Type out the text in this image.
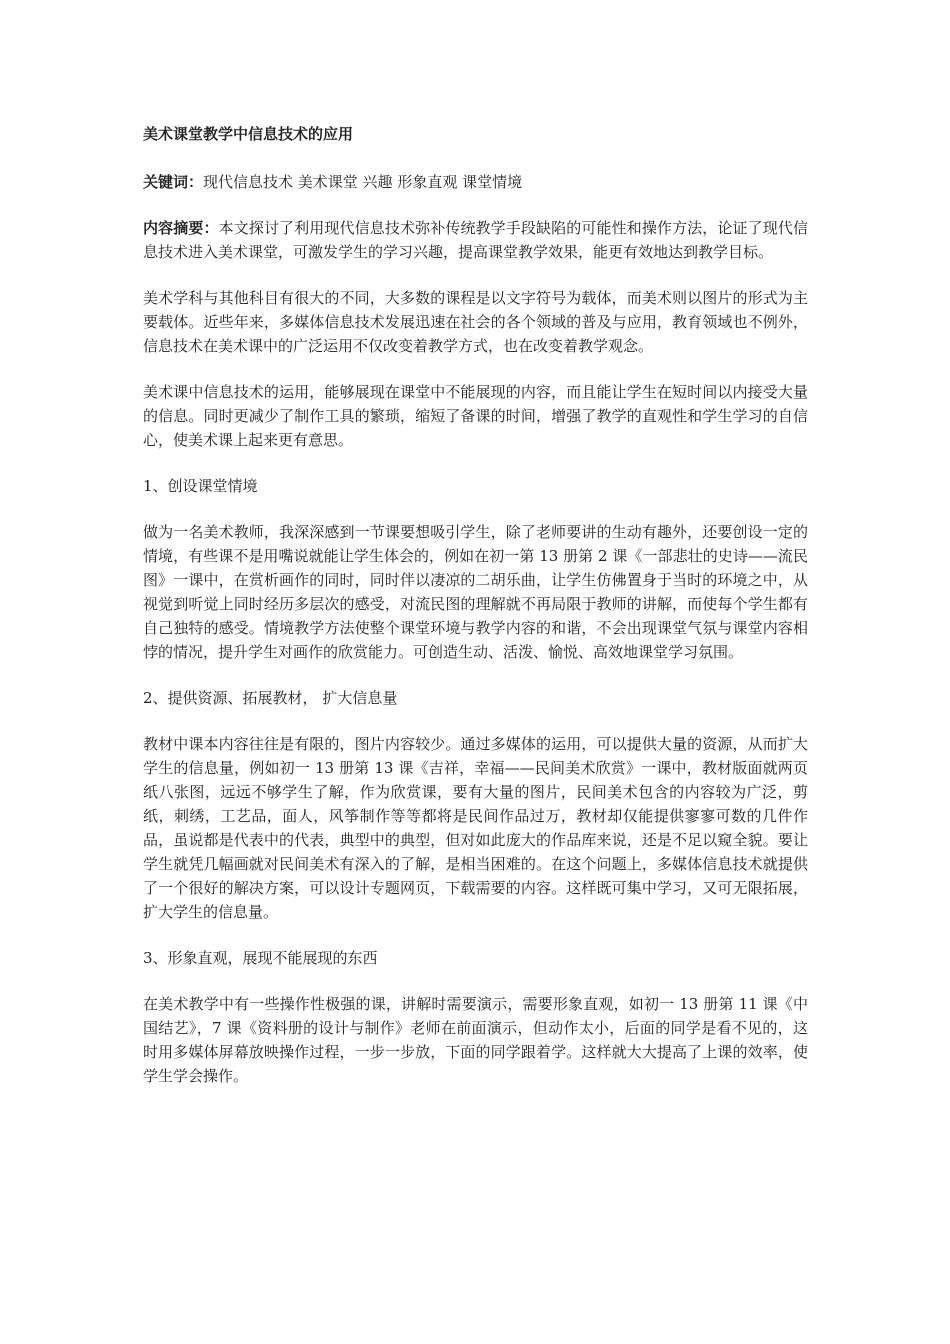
美术课堂教学中信息技术的应用

关键词：现代信息技术 美术课堂 兴趣 形象直观 课堂情境

内容摘要：本文探讨了利用现代信息技术弥补传统教学手段缺陷的可能性和操作方法，论证了现代信息技术进入美术课堂，可激发学生的学习兴趣，提高课堂教学效果，能更有效地达到教学目标。

美术学科与其他科目有很大的不同，大多数的课程是以文字符号为载体，而美术则以图片的形式为主要载体。近些年来，多媒体信息技术发展迅速在社会的各个领域的普及与应用，教育领域也不例外，信息技术在美术课中的广泛运用不仅改变着教学方式，也在改变着教学观念。

美术课中信息技术的运用，能够展现在课堂中不能展现的内容，而且能让学生在短时间以内接受大量的信息。同时更减少了制作工具的繁琐，缩短了备课的时间，增强了教学的直观性和学生学习的自信心，使美术课上起来更有意思。

1、创设课堂情境

做为一名美术教师，我深深感到一节课要想吸引学生，除了老师要讲的生动有趣外，还要创设一定的情境，有些课不是用嘴说就能让学生体会的，例如在初一第 13 册第 2 课《一部悲壮的史诗——流民图》一课中，在赏析画作的同时，同时伴以凄凉的二胡乐曲，让学生仿佛置身于当时的环境之中，从视觉到听觉上同时经历多层次的感受，对流民图的理解就不再局限于教师的讲解，而使每个学生都有自己独特的感受。情境教学方法使整个课堂环境与教学内容的和谐，不会出现课堂气氛与课堂内容相悖的情况，提升学生对画作的欣赏能力。可创造生动、活泼、愉悦、高效地课堂学习氛围。

2、提供资源、拓展教材， 扩大信息量

教材中课本内容往往是有限的，图片内容较少。通过多媒体的运用，可以提供大量的资源，从而扩大学生的信息量，例如初一 13 册第 13 课《吉祥，幸福——民间美术欣赏》一课中，教材版面就两页纸八张图，远远不够学生了解，作为欣赏课，要有大量的图片，民间美术包含的内容较为广泛，剪纸，刺绣，工艺品，面人，风筝制作等等都将是民间作品过万，教材却仅能提供寥寥可数的几件作品，虽说都是代表中的代表，典型中的典型，但对如此庞大的作品库来说，还是不足以窥全貌。要让学生就凭几幅画就对民间美术有深入的了解，是相当困难的。在这个问题上，多媒体信息技术就提供了一个很好的解决方案，可以设计专题网页，下载需要的内容。这样既可集中学习，又可无限拓展，扩大学生的信息量。

3、形象直观，展现不能展现的东西

在美术教学中有一些操作性极强的课，讲解时需要演示，需要形象直观，如初一 13 册第 11 课《中国结艺》，7 课《资料册的设计与制作》老师在前面演示，但动作太小，后面的同学是看不见的，这时用多媒体屏幕放映操作过程，一步一步放，下面的同学跟着学。这样就大大提高了上课的效率，使学生学会操作。
